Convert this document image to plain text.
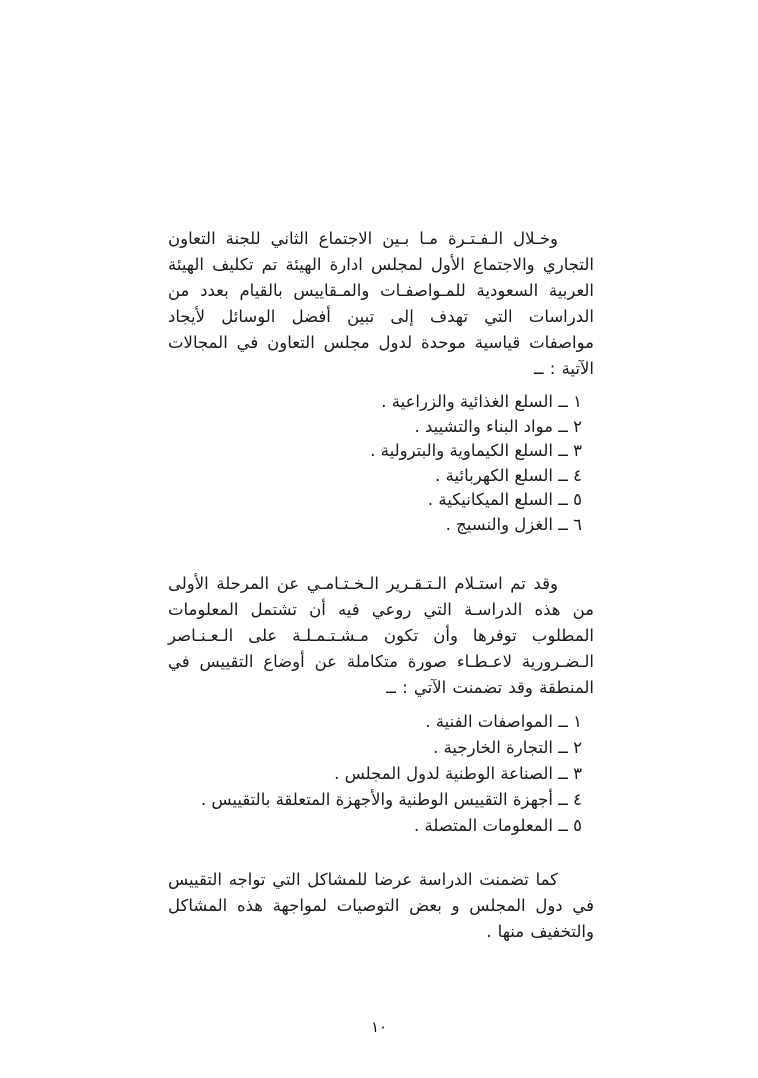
وخـلال الـفـتـرة مـا بـين الاجتماع الثاني للجنة التعاون التجاري والاجتماع الأول لمجلس ادارة الهيئة تم تكليف الهيئة العربية السعودية للمـواصفـات والمـقاييس بالقيام بعدد من الدراسات التي تهدف إلى تبين أفضل الوسائل لأيجاد مواصفات قياسية موحدة لدول مجلس التعاون في المجالات الآتية : ــ

١ ــ السلع الغذائية والزراعية .
٢ ــ مواد البناء والتشييد .
٣ ــ السلع الكيماوية والبترولية .
٤ ــ السلع الكهربائية .
٥ ــ السلع الميكانيكية .
٦ ــ الغزل والنسيج .

وقد تم استـلام الـتـقـرير الـخـتـامـي عن المرحلة الأولى من هذه الدراسـة التي روعي فيه أن تشتمل المعلومات المطلوب توفرها وأن تكون مـشـتـمـلـة على الـعـنـاصر الـضـرورية لاعـطـاء صورة متكاملة عن أوضاع التقييس في المنطقة وقد تضمنت الآتي : ــ

١ ــ المواصفات الفنية .
٢ ــ التجارة الخارجية .
٣ ــ الصناعة الوطنية لدول المجلس .
٤ ــ أجهزة التقييس الوطنية والأجهزة المتعلقة بالتقييس .
٥ ــ المعلومات المتصلة .

كما تضمنت الدراسة عرضا للمشاكل التي تواجه التقييس في دول المجلس و بعض التوصيات لمواجهة هذه المشاكل والتخفيف منها .

١٠
